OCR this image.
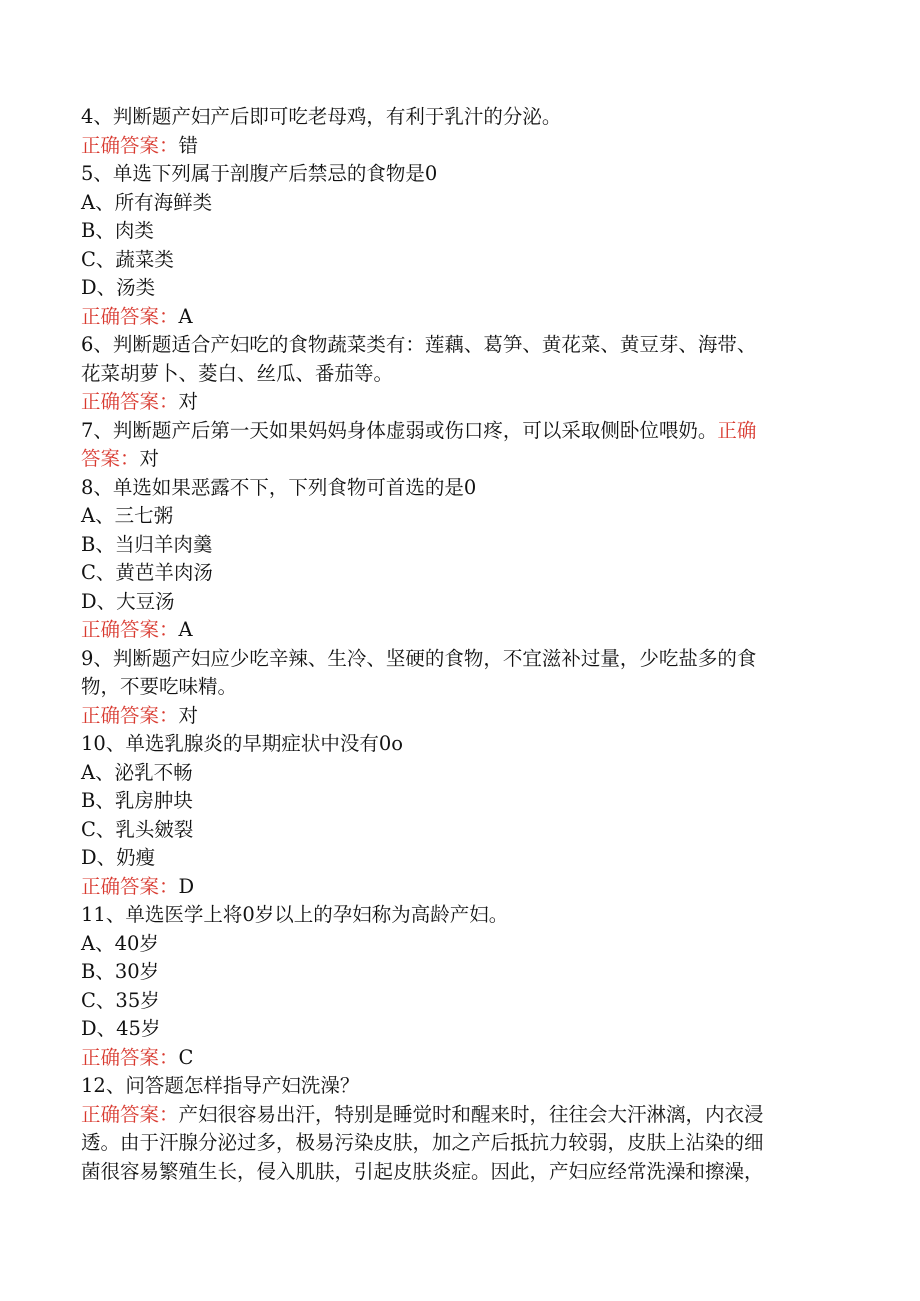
4、判断题产妇产后即可吃老母鸡，有利于乳汁的分泌。
正确答案：错
5、单选下列属于剖腹产后禁忌的食物是0
A、所有海鲜类
B、肉类
C、蔬菜类
D、汤类
正确答案：A
6、判断题适合产妇吃的食物蔬菜类有：莲藕、葛笋、黄花菜、黄豆芽、海带、
花菜胡萝卜、菱白、丝瓜、番茄等。
正确答案：对
7、判断题产后第一天如果妈妈身体虚弱或伤口疼，可以采取侧卧位喂奶。正确
答案：对
8、单选如果恶露不下，下列食物可首选的是0
A、三七粥
B、当归羊肉羹
C、黄芭羊肉汤
D、大豆汤
正确答案：A
9、判断题产妇应少吃辛辣、生冷、坚硬的食物，不宜滋补过量，少吃盐多的食
物，不要吃味精。
正确答案：对
10、单选乳腺炎的早期症状中没有0o
A、泌乳不畅
B、乳房肿块
C、乳头皴裂
D、奶瘦
正确答案：D
11、单选医学上将0岁以上的孕妇称为高龄产妇。
A、40岁
B、30岁
C、35岁
D、45岁
正确答案：C
12、问答题怎样指导产妇洗澡？
正确答案：产妇很容易出汗，特别是睡觉时和醒来时，往往会大汗淋漓，内衣浸
透。由于汗腺分泌过多，极易污染皮肤，加之产后抵抗力较弱，皮肤上沾染的细
菌很容易繁殖生长，侵入肌肤，引起皮肤炎症。因此，产妇应经常洗澡和擦澡，
